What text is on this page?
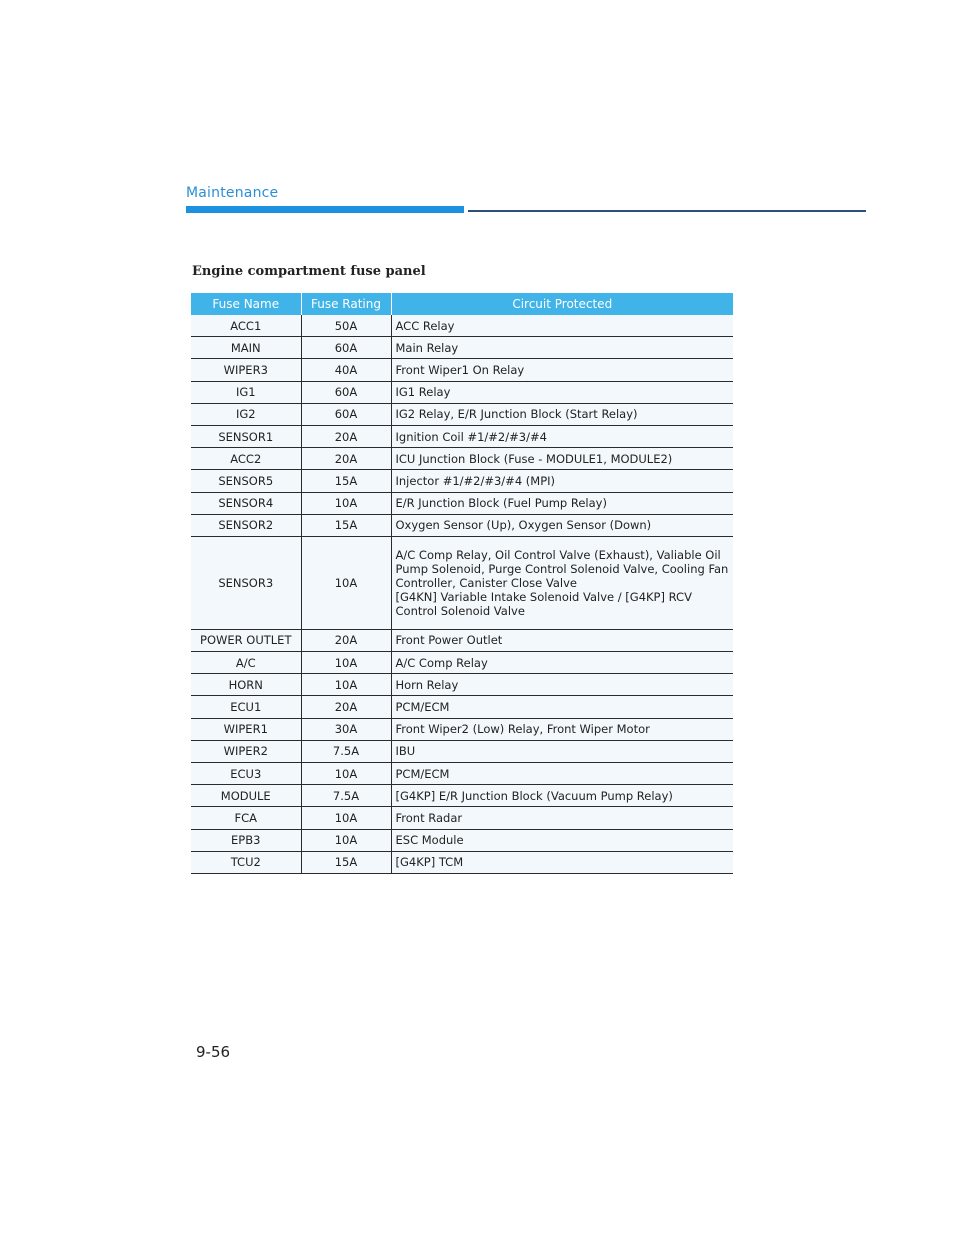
Maintenance
Engine compartment fuse panel
Fuse Name	Fuse Rating	Circuit Protected
ACC1	50A	ACC Relay
MAIN	60A	Main Relay
WIPER3	40A	Front Wiper1 On Relay
IG1	60A	IG1 Relay
IG2	60A	IG2 Relay, E/R Junction Block (Start Relay)
SENSOR1	20A	Ignition Coil #1/#2/#3/#4
ACC2	20A	ICU Junction Block (Fuse - MODULE1, MODULE2)
SENSOR5	15A	Injector #1/#2/#3/#4 (MPI)
SENSOR4	10A	E/R Junction Block (Fuel Pump Relay)
SENSOR2	15A	Oxygen Sensor (Up), Oxygen Sensor (Down)
SENSOR3	10A	A/C Comp Relay, Oil Control Valve (Exhaust), Valiable Oil Pump Solenoid, Purge Control Solenoid Valve, Cooling Fan Controller, Canister Close Valve
[G4KN] Variable Intake Solenoid Valve / [G4KP] RCV Control Solenoid Valve

POWER OUTLET	20A	Front Power Outlet
A/C	10A	A/C Comp Relay
HORN	10A	Horn Relay
ECU1	20A	PCM/ECM
WIPER1	30A	Front Wiper2 (Low) Relay, Front Wiper Motor
WIPER2	7.5A	IBU
ECU3	10A	PCM/ECM
MODULE	7.5A	[G4KP] E/R Junction Block (Vacuum Pump Relay)
FCA	10A	Front Radar
EPB3	10A	ESC Module
TCU2	15A	[G4KP] TCM
9-56
